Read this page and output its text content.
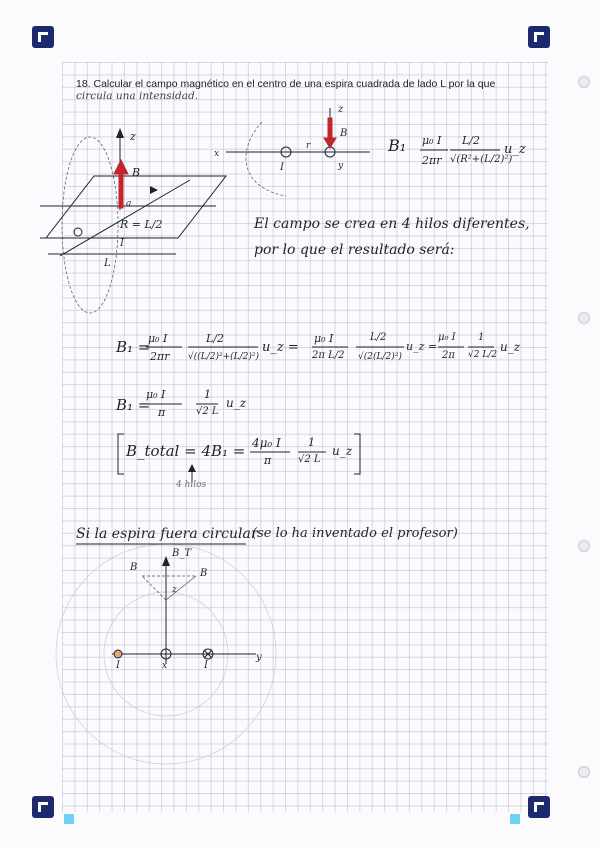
18. Calcular el campo magnético en el centro de una espira cuadrada de lado L por la que
circula una intensidad.
z
B
a
R = L/2
I
L
x
z
r
I	y
B
B
B
B_T
z
y
x
I	I
B₁ μ₀ I
2πr
L/2
√(R²+(L/2)²)
u_z
El campo se crea en 4 hilos diferentes,
por lo que el resultado será:
B₁ =
μ₀ I
2πr
L/2
√((L/2)²+(L/2)²)
u_z =
μ₀ I
2π L/2
L/2
√(2(L/2)²)
u_z =
μ₀ I
2π
1
√2 L/2
u_z
B₁ =
μ₀ I
π
1
√2 L
u_z
B_total = 4B₁ = 4μ₀ I
π
1
√2 L
u_z
4 hilos
Si la espira fuera circular
(se lo ha inventado el profesor)
